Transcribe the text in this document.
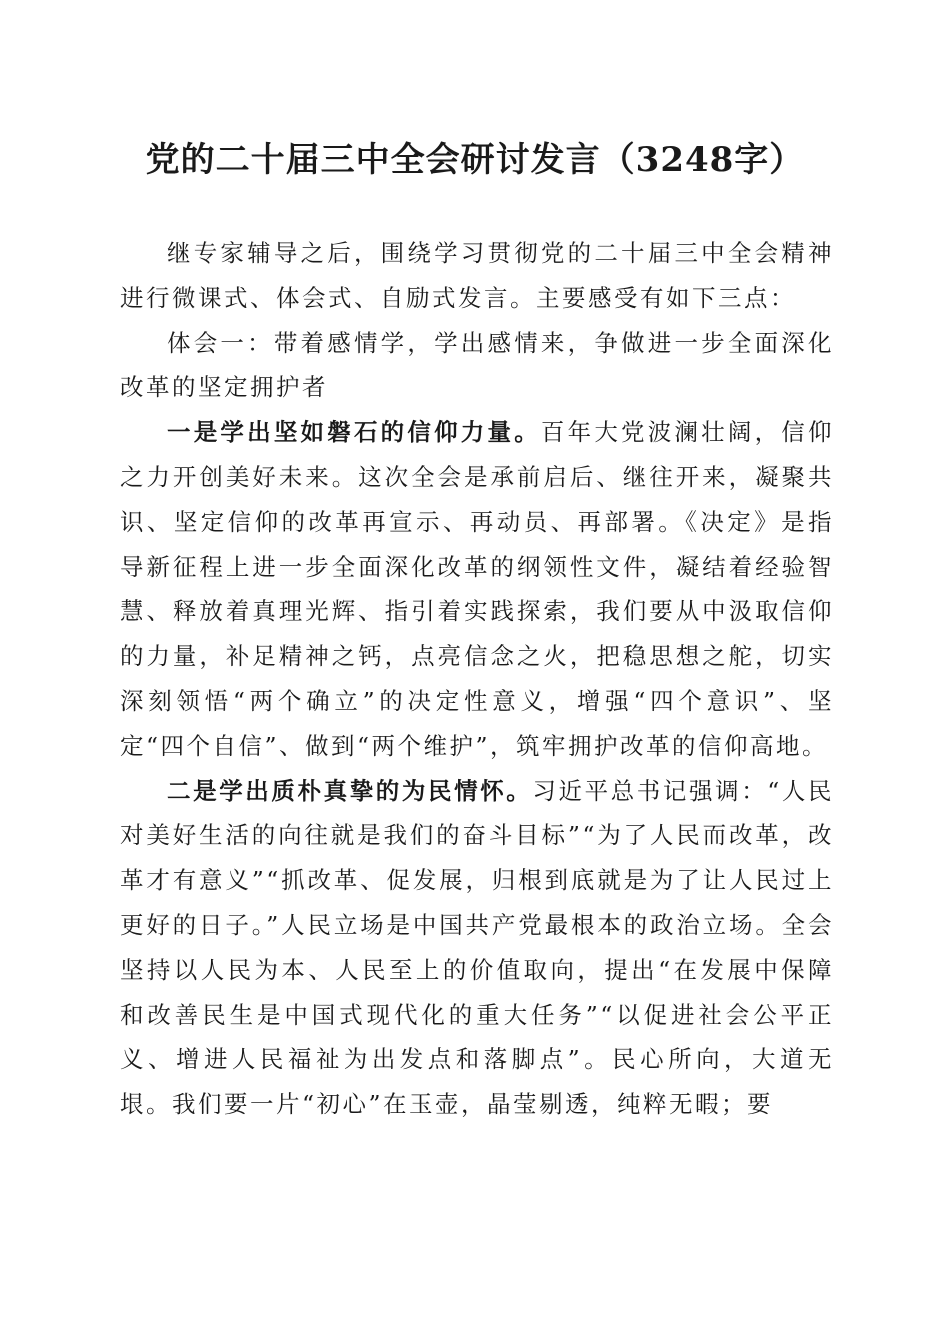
党的二十届三中全会研讨发言（3248字）

继专家辅导之后，围绕学习贯彻党的二十届三中全会精神进行微课式、体会式、自励式发言。主要感受有如下三点：

体会一：带着感情学，学出感情来，争做进一步全面深化改革的坚定拥护者

一是学出坚如磐石的信仰力量。百年大党波澜壮阔，信仰之力开创美好未来。这次全会是承前启后、继往开来，凝聚共识、坚定信仰的改革再宣示、再动员、再部署。《决定》是指导新征程上进一步全面深化改革的纲领性文件，凝结着经验智慧、释放着真理光辉、指引着实践探索，我们要从中汲取信仰的力量，补足精神之钙，点亮信念之火，把稳思想之舵，切实深刻领悟“两个确立”的决定性意义，增强“四个意识”、坚定“四个自信”、做到“两个维护”，筑牢拥护改革的信仰高地。

二是学出质朴真挚的为民情怀。习近平总书记强调：“人民对美好生活的向往就是我们的奋斗目标”“为了人民而改革，改革才有意义”“抓改革、促发展，归根到底就是为了让人民过上更好的日子。”人民立场是中国共产党最根本的政治立场。全会坚持以人民为本、人民至上的价值取向，提出“在发展中保障和改善民生是中国式现代化的重大任务”“以促进社会公平正义、增进人民福祉为出发点和落脚点”。民心所向，大道无垠。我们要一片“初心”在玉壶，晶莹剔透，纯粹无暇；要
